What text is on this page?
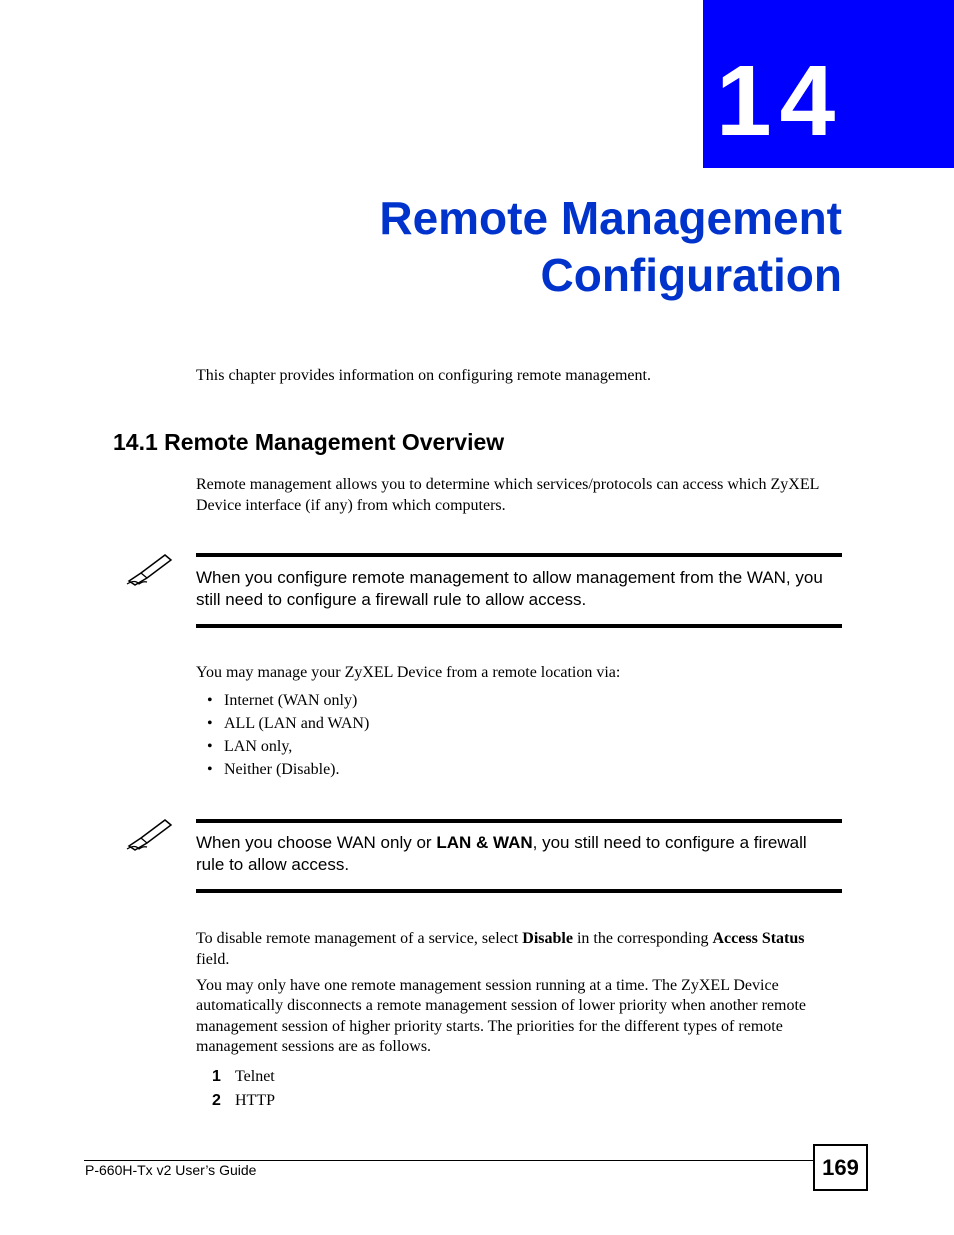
14
Remote Management
Configuration
This chapter provides information on configuring remote management.
14.1 Remote Management Overview
Remote management allows you to determine which services/protocols can access which ZyXEL Device interface (if any) from which computers.
When you configure remote management to allow management from the WAN, you still need to configure a firewall rule to allow access.
You may manage your ZyXEL Device from a remote location via:
• Internet (WAN only)
• ALL (LAN and WAN)
• LAN only,
• Neither (Disable).
When you choose WAN only or LAN & WAN, you still need to configure a firewall rule to allow access.
To disable remote management of a service, select Disable in the corresponding Access Status field.
You may only have one remote management session running at a time. The ZyXEL Device automatically disconnects a remote management session of lower priority when another remote management session of higher priority starts. The priorities for the different types of remote management sessions are as follows.
1 Telnet
2 HTTP
P-660H-Tx v2 User’s Guide	169
